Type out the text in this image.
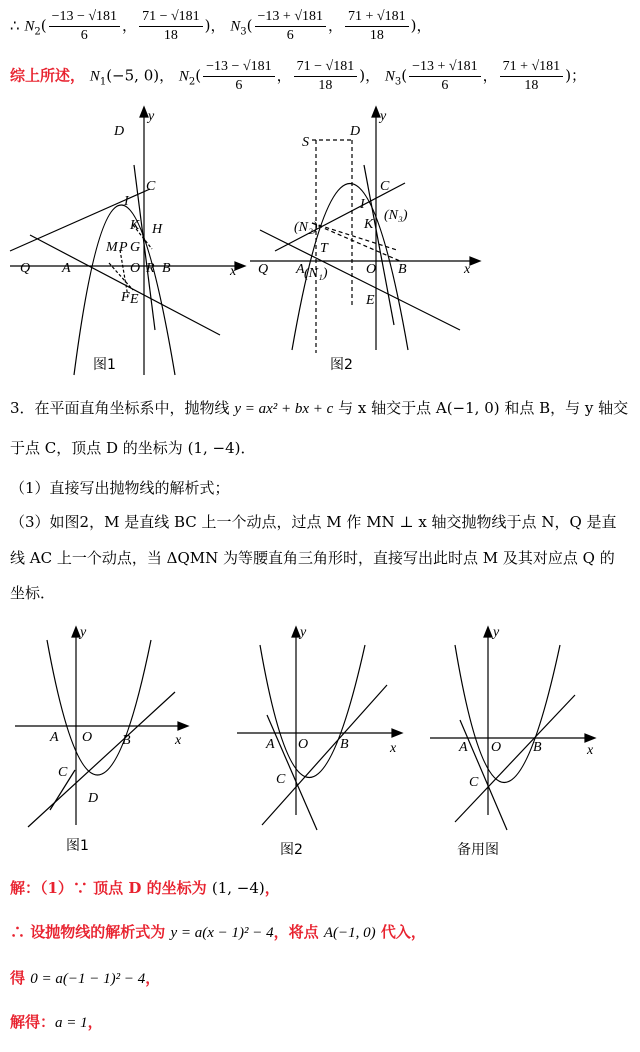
∴ $N_2( \frac{-13 - √181}{6}$ ， $\frac{71 - √181}{18}$ )， $N_3( \frac{-13 + √181}{6}$ ， $\frac{71 + √181}{18}$ )，
综上所述， $N_1(-5$, 0)， $N_2( \frac{-13 - √181}{6}$ ， $\frac{71 - √181}{18}$ )， $N_3( \frac{-13 + √181}{6}$ ， $\frac{71 + √181}{18}$ )；
D
y
C
I
K H
M P G
Q A	O R B	x
F E
图1
S
D
y
C
I
(N₂)	K
(N₃)
T
Q A (N₁)	O B	x
E
图2
3．在平面直角坐标系中，抛物线 y = ax² + bx + c 与 x 轴交于点 A(−1, 0) 和点 B，与 y 轴交
于点 C，顶点 D 的坐标为 (1, −4)．
（1）直接写出抛物线的解析式；
（3）如图2，M 是直线 BC 上一个动点，过点 M 作 MN ⊥ x 轴交抛物线于点 N，Q 是直
线 AC 上一个动点，当 ΔQMN 为等腰直角三角形时，直接写出此时点 M 及其对应点 Q 的
坐标．
y
A O B	x
C
D
图1
y
A O B	x
C
图2
y
A O B	x
C
备用图
解：（1）∵ 顶点 D 的坐标为 (1, −4)，
∴ 设抛物线的解析式为 y = a(x − 1)² − 4，将点 A(−1, 0) 代入，
得 0 = a(−1 − 1)² − 4，
解得：a = 1，
